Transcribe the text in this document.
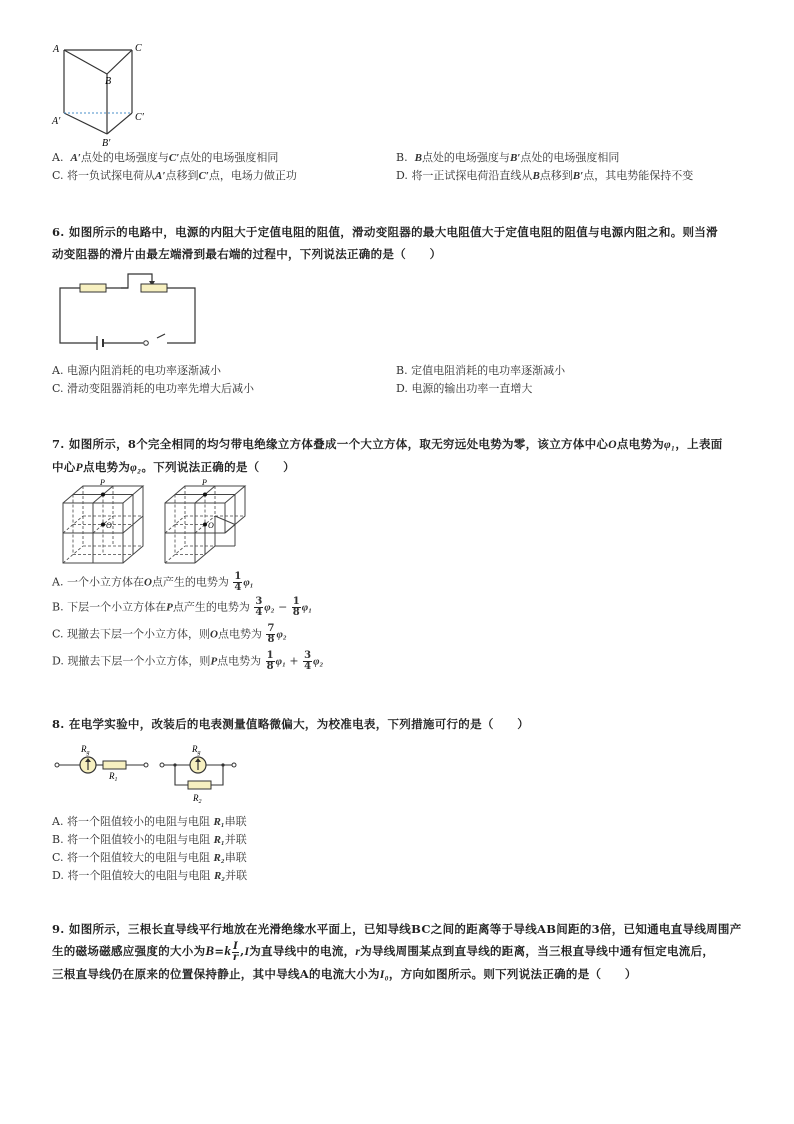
A	C
B
A′	C′
B′
A. A′点处的电场强度与C′点处的电场强度相同	B. B点处的电场强度与B′点处的电场强度相同
C. 将一负试探电荷从A′点移到C′点，电场力做正功	D. 将一正试探电荷沿直线从B点移到B′点，其电势能保持不变
6. 如图所示的电路中，电源的内阻大于定值电阻的阻值，滑动变阻器的最大电阻值大于定值电阻的阻值与电源内阻之和。则当滑
动变阻器的滑片由最左端滑到最右端的过程中，下列说法正确的是（　　）
A. 电源内阻消耗的电功率逐渐减小	B. 定值电阻消耗的电功率逐渐减小
C. 滑动变阻器消耗的电功率先增大后减小	D. 电源的输出功率一直增大
7. 如图所示，8个完全相同的均匀带电绝缘立方体叠成一个大立方体，取无穷远处电势为零，该立方体中心O点电势为φ₁，上表面
中心P点电势为φ₂。下列说法正确的是（　　）
P
O
P
O
A. 一个小立方体在O点产生的电势为 $\frac{1}{4} \varphi_1$
B. 下层一个小立方体在P点产生的电势为 $\frac{3}{4} \varphi_2 - \frac{1}{8} \varphi_1$
C. 现撤去下层一个小立方体，则O点电势为 $\frac{7}{8} \varphi_2$
D. 现撤去下层一个小立方体，则P点电势为 $\frac{1}{8} \varphi_1 + \frac{3}{4} \varphi_2$
8. 在电学实验中，改装后的电表测量值略微偏大，为校准电表，下列措施可行的是（　　）
$R_g$
$R_1$
$R_g$
$R_2$
A. 将一个阻值较小的电阻与电阻 R₁串联
B. 将一个阻值较小的电阻与电阻 R₁并联
C. 将一个阻值较大的电阻与电阻 R₂串联
D. 将一个阻值较大的电阻与电阻 R₂并联
9. 如图所示，三根长直导线平行地放在光滑绝缘水平面上，已知导线BC之间的距离等于导线AB间距的3倍，已知通电直导线周围产
生的磁场磁感应强度的大小为$B=k \frac{I}{r} ,I$为直导线中的电流，r为导线周围某点到直导线的距离，当三根直导线中通有恒定电流后，
三根直导线仍在原来的位置保持静止，其中导线A的电流大小为I₀，方向如图所示。则下列说法正确的是（　　）
